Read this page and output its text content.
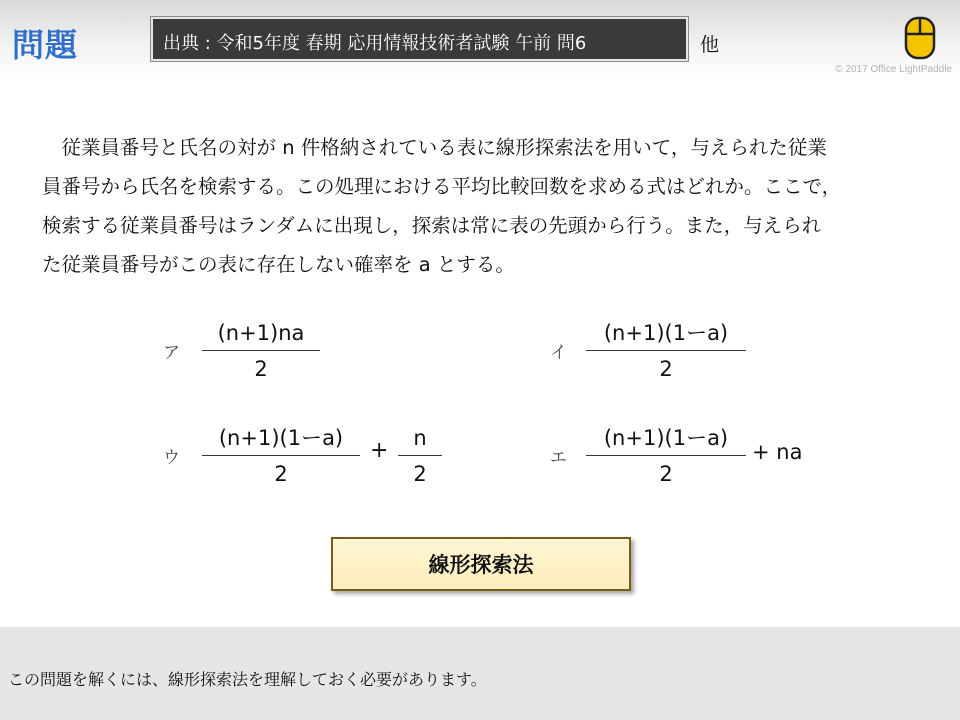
問題	出典 : 令和5年度 春期 応用情報技術者試験 午前 問6	他
© 2017 Office LightPaddle
　従業員番号と氏名の対が n 件格納されている表に線形探索法を用いて，与えられた従業
員番号から氏名を検索する。この処理における平均比較回数を求める式はどれか。ここで，
検索する従業員番号はランダムに出現し，探索は常に表の先頭から行う。また，与えられ
た従業員番号がこの表に存在しない確率を a とする。
ア
(n+1)na
2
イ
(n+1)(1ーa)
2
ウ
(n+1)(1ーa)
2
+	n
2
エ
(n+1)(1ーa)
2
+ na
線形探索法
この問題を解くには、線形探索法を理解しておく必要があります。
